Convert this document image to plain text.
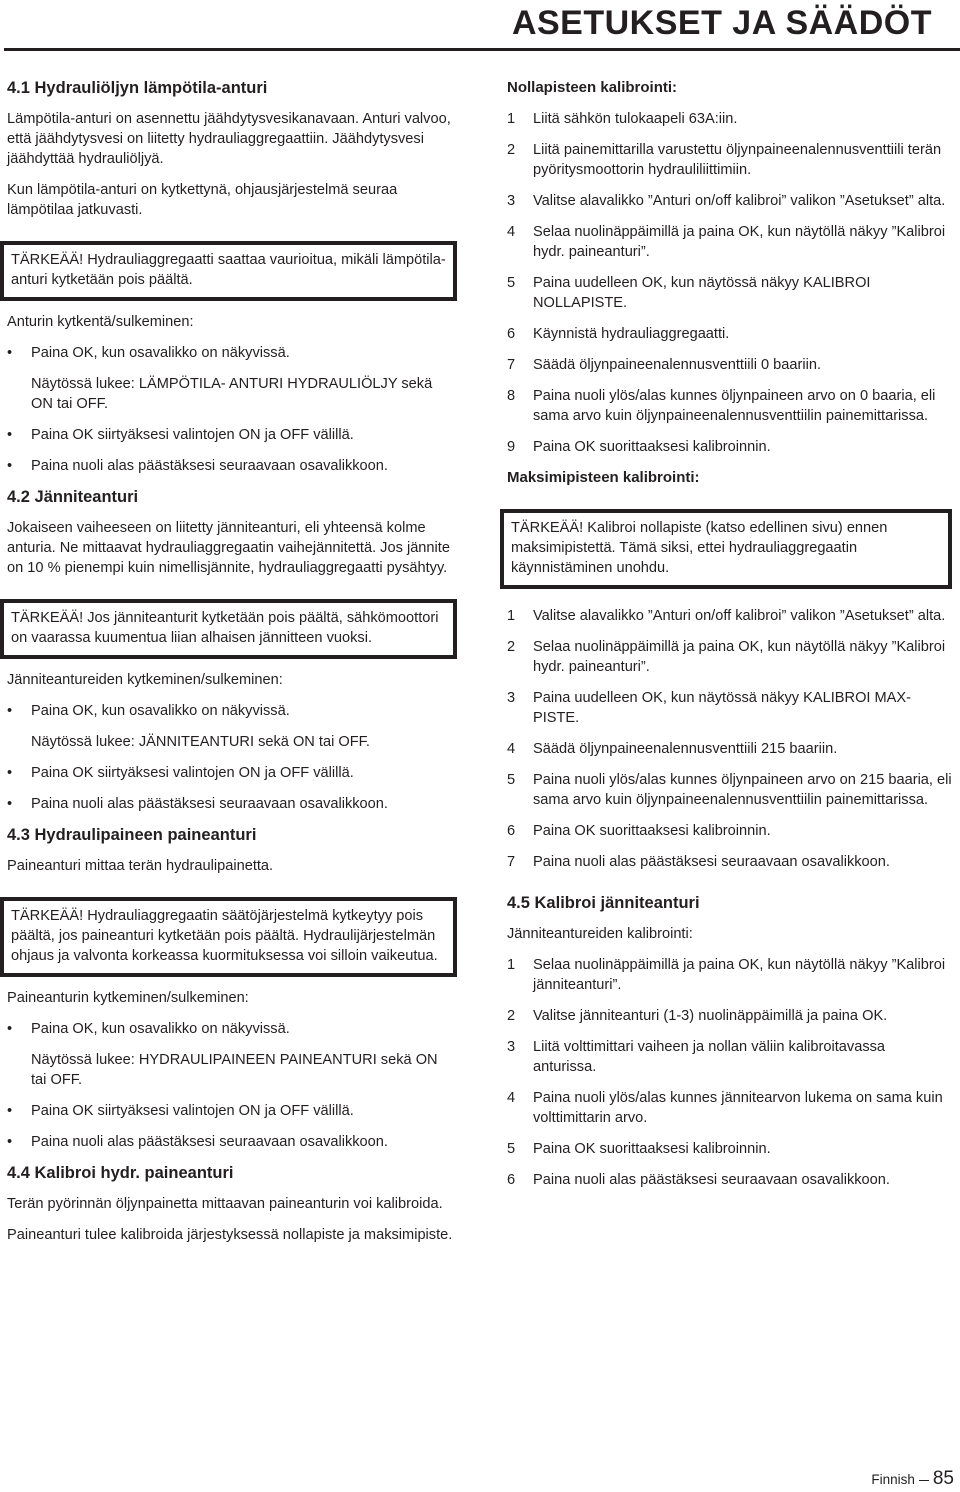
ASETUKSET JA SÄÄDÖT
4.1 Hydrauliöljyn lämpötila-anturi

Lämpötila-anturi on asennettu jäähdytysvesikanavaan. Anturi valvoo, että jäähdytysvesi on liitetty hydrauliaggregaattiin. Jäähdytysvesi jäähdyttää hydrauliöljyä.

Kun lämpötila-anturi on kytkettynä, ohjausjärjestelmä seuraa lämpötilaa jatkuvasti.

TÄRKEÄÄ! Hydrauliaggregaatti saattaa vaurioitua, mikäli lämpötila-anturi kytketään pois päältä.

Anturin kytkentä/sulkeminen:

• Paina OK, kun osavalikko on näkyvissä.
Näytössä lukee: LÄMPÖTILA- ANTURI HYDRAULIÖLJY sekä ON tai OFF.
• Paina OK siirtyäksesi valintojen ON ja OFF välillä.
• Paina nuoli alas päästäksesi seuraavaan osavalikkoon.
4.2 Jänniteanturi

Jokaiseen vaiheeseen on liitetty jänniteanturi, eli yhteensä kolme anturia. Ne mittaavat hydrauliaggregaatin vaihejännitettä. Jos jännite on 10 % pienempi kuin nimellisjännite, hydrauliaggregaatti pysähtyy.

TÄRKEÄÄ! Jos jänniteanturit kytketään pois päältä, sähkömoottori on vaarassa kuumentua liian alhaisen jännitteen vuoksi.

Jänniteantureiden kytkeminen/sulkeminen:

• Paina OK, kun osavalikko on näkyvissä.
Näytössä lukee: JÄNNITEANTURI sekä ON tai OFF.
• Paina OK siirtyäksesi valintojen ON ja OFF välillä.
• Paina nuoli alas päästäksesi seuraavaan osavalikkoon.
4.3 Hydraulipaineen paineanturi

Paineanturi mittaa terän hydraulipainetta.

TÄRKEÄÄ! Hydrauliaggregaatin säätöjärjestelmä kytkeytyy pois päältä, jos paineanturi kytketään pois päältä. Hydraulijärjestelmän ohjaus ja valvonta korkeassa kuormituksessa voi silloin vaikeutua.

Paineanturin kytkeminen/sulkeminen:

• Paina OK, kun osavalikko on näkyvissä.
Näytössä lukee: HYDRAULIPAINEEN PAINEANTURI sekä ON tai OFF.
• Paina OK siirtyäksesi valintojen ON ja OFF välillä.
• Paina nuoli alas päästäksesi seuraavaan osavalikkoon.
4.4 Kalibroi hydr. paineanturi

Terän pyörinnän öljynpainetta mittaavan paineanturin voi kalibroida.

Paineanturi tulee kalibroida järjestyksessä nollapiste ja maksimipiste.

Nollapisteen kalibrointi:
1 Liitä sähkön tulokaapeli 63A:iin.
2 Liitä painemittarilla varustettu öljynpaineenalennusventtiili terän pyöritysmoottorin hydrauliliittimiin.
3 Valitse alavalikko ”Anturi on/off kalibroi” valikon ”Asetukset” alta.
4 Selaa nuolinäppäimillä ja paina OK, kun näytöllä näkyy ”Kalibroi hydr. paineanturi”.
5 Paina uudelleen OK, kun näytössä näkyy KALIBROI NOLLAPISTE.
6 Käynnistä hydrauliaggregaatti.
7 Säädä öljynpaineenalennusventtiili 0 baariin.
8 Paina nuoli ylös/alas kunnes öljynpaineen arvo on 0 baaria, eli sama arvo kuin öljynpaineenalennusventtiilin painemittarissa.
9 Paina OK suorittaaksesi kalibroinnin.
Maksimipisteen kalibrointi:

TÄRKEÄÄ! Kalibroi nollapiste (katso edellinen sivu) ennen maksimipistettä. Tämä siksi, ettei hydrauliaggregaatin käynnistäminen unohdu.

1 Valitse alavalikko ”Anturi on/off kalibroi” valikon ”Asetukset” alta.
2 Selaa nuolinäppäimillä ja paina OK, kun näytöllä näkyy ”Kalibroi hydr. paineanturi”.
3 Paina uudelleen OK, kun näytössä näkyy KALIBROI MAX-PISTE.
4 Säädä öljynpaineenalennusventtiili 215 baariin.
5 Paina nuoli ylös/alas kunnes öljynpaineen arvo on 215 baaria, eli sama arvo kuin öljynpaineenalennusventtiilin painemittarissa.
6 Paina OK suorittaaksesi kalibroinnin.
7 Paina nuoli alas päästäksesi seuraavaan osavalikkoon.
4.5 Kalibroi jänniteanturi

Jänniteantureiden kalibrointi:

1 Selaa nuolinäppäimillä ja paina OK, kun näytöllä näkyy ”Kalibroi jänniteanturi”.
2 Valitse jänniteanturi (1-3) nuolinäppäimillä ja paina OK.
3 Liitä volttimittari vaiheen ja nollan väliin kalibroitavassa anturissa.
4 Paina nuoli ylös/alas kunnes jännitearvon lukema on sama kuin volttimittarin arvo.
5 Paina OK suorittaaksesi kalibroinnin.
6 Paina nuoli alas päästäksesi seuraavaan osavalikkoon.
Finnish 85
